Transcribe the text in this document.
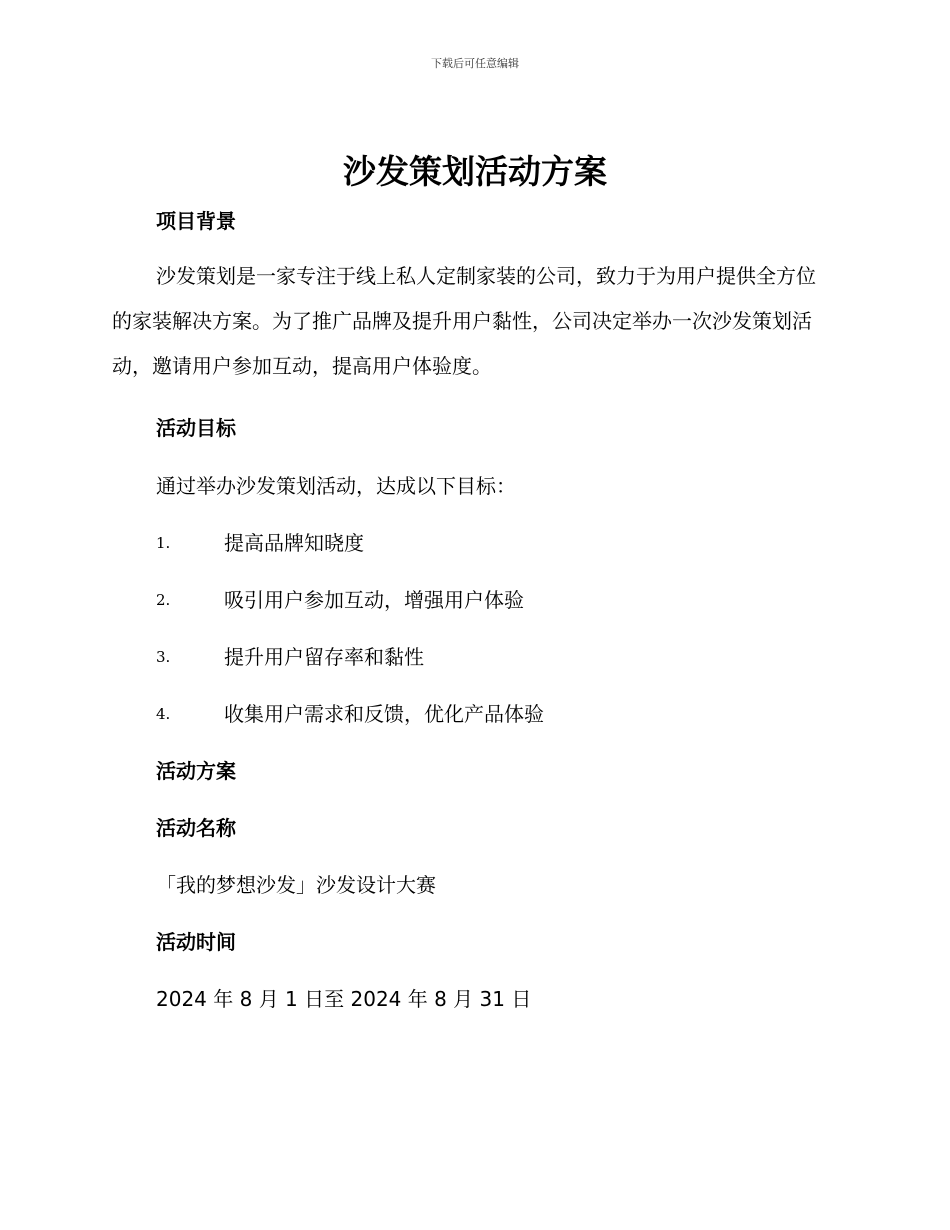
下载后可任意编辑
沙发策划活动方案
项目背景

沙发策划是一家专注于线上私人定制家装的公司，致力于为用户提供全方位的家装解决方案。为了推广品牌及提升用户黏性，公司决定举办一次沙发策划活动，邀请用户参加互动，提高用户体验度。

活动目标
通过举办沙发策划活动，达成以下目标：
1.	提高品牌知晓度
2.	吸引用户参加互动，增强用户体验
3.	提升用户留存率和黏性
4.	收集用户需求和反馈，优化产品体验
活动方案
活动名称
「我的梦想沙发」沙发设计大赛
活动时间
2024 年 8 月 1 日至 2024 年 8 月 31 日
